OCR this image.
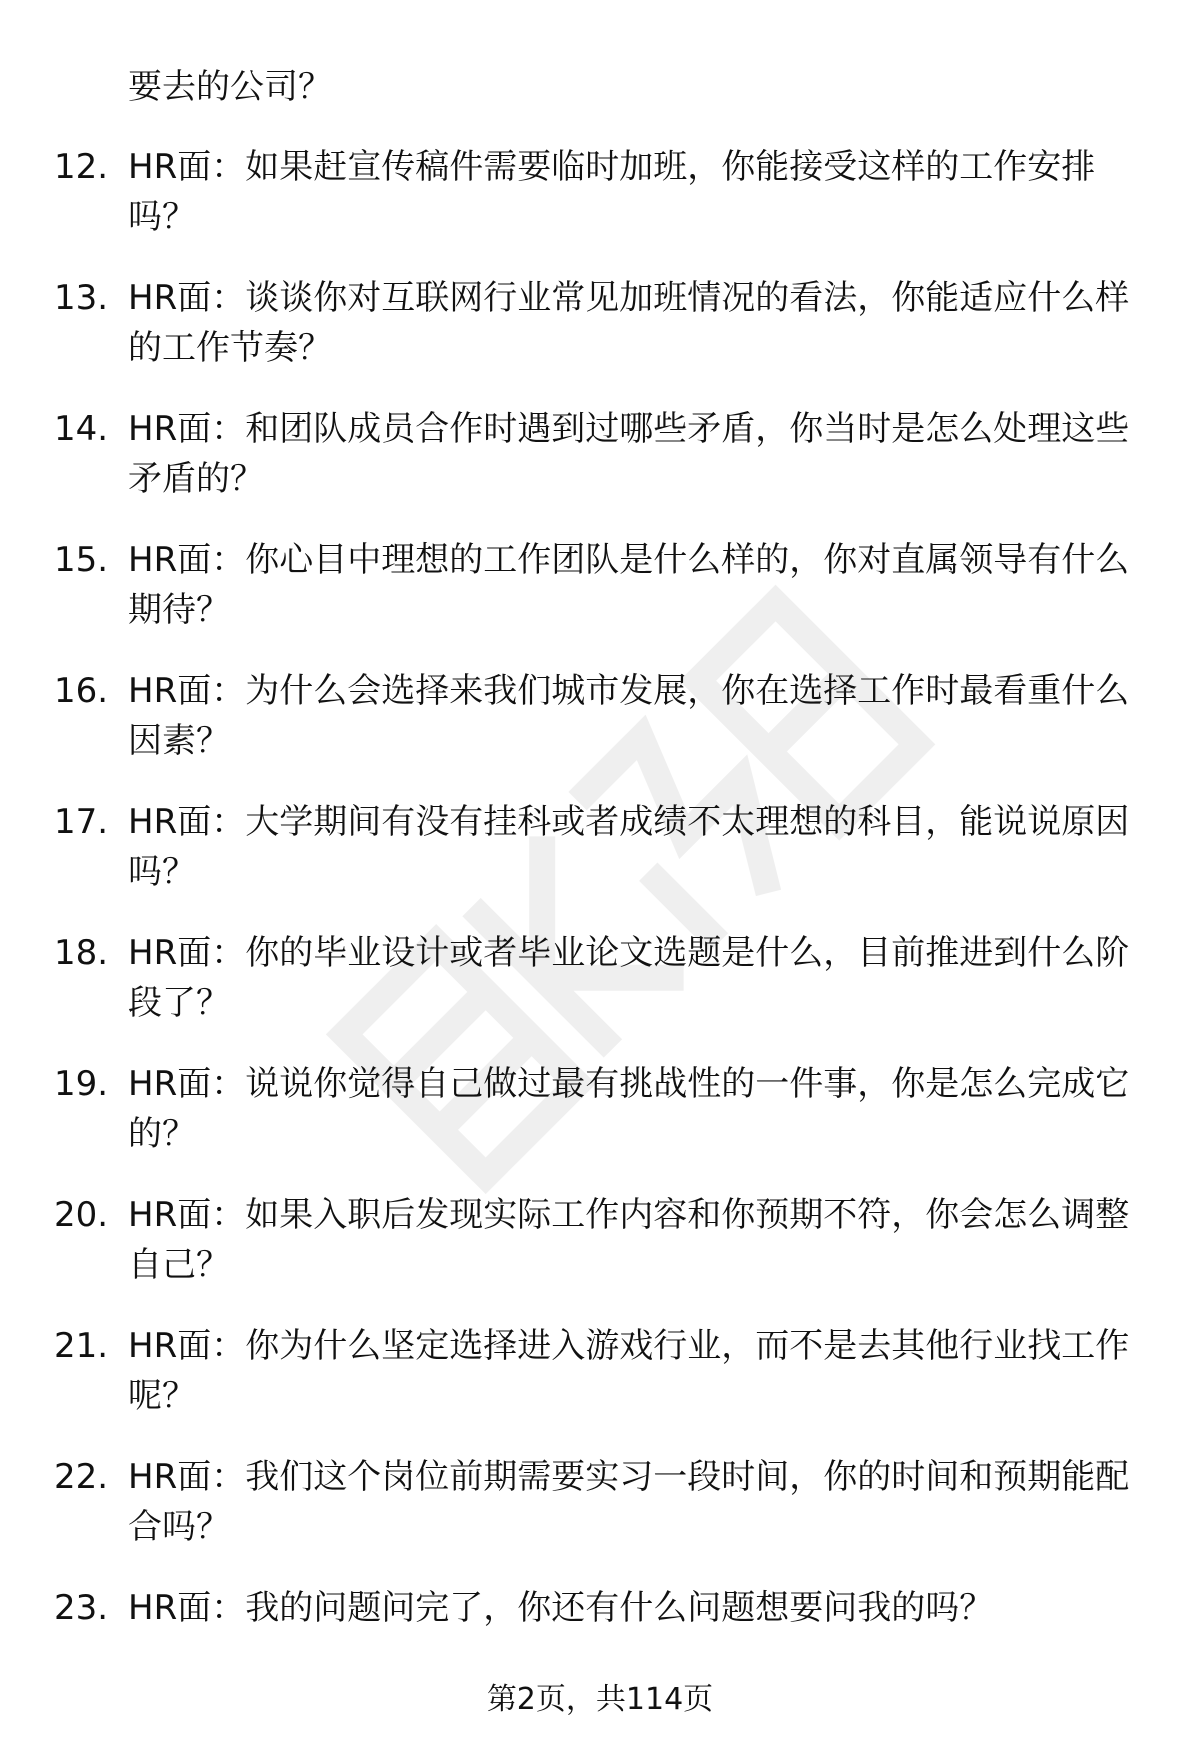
要去的公司？

12. HR面：如果赶宣传稿件需要临时加班，你能接受这样的工作安排吗？
13. HR面：谈谈你对互联网行业常见加班情况的看法，你能适应什么样的工作节奏？
14. HR面：和团队成员合作时遇到过哪些矛盾，你当时是怎么处理这些矛盾的？
15. HR面：你心目中理想的工作团队是什么样的，你对直属领导有什么期待？
16. HR面：为什么会选择来我们城市发展，你在选择工作时最看重什么因素？
17. HR面：大学期间有没有挂科或者成绩不太理想的科目，能说说原因吗？
18. HR面：你的毕业设计或者毕业论文选题是什么，目前推进到什么阶段了？
19. HR面：说说你觉得自己做过最有挑战性的一件事，你是怎么完成它的？
20. HR面：如果入职后发现实际工作内容和你预期不符，你会怎么调整自己？
21. HR面：你为什么坚定选择进入游戏行业，而不是去其他行业找工作呢？
22. HR面：我们这个岗位前期需要实习一段时间，你的时间和预期能配合吗？
23. HR面：我的问题问完了，你还有什么问题想要问我的吗？
第2页，共114页
